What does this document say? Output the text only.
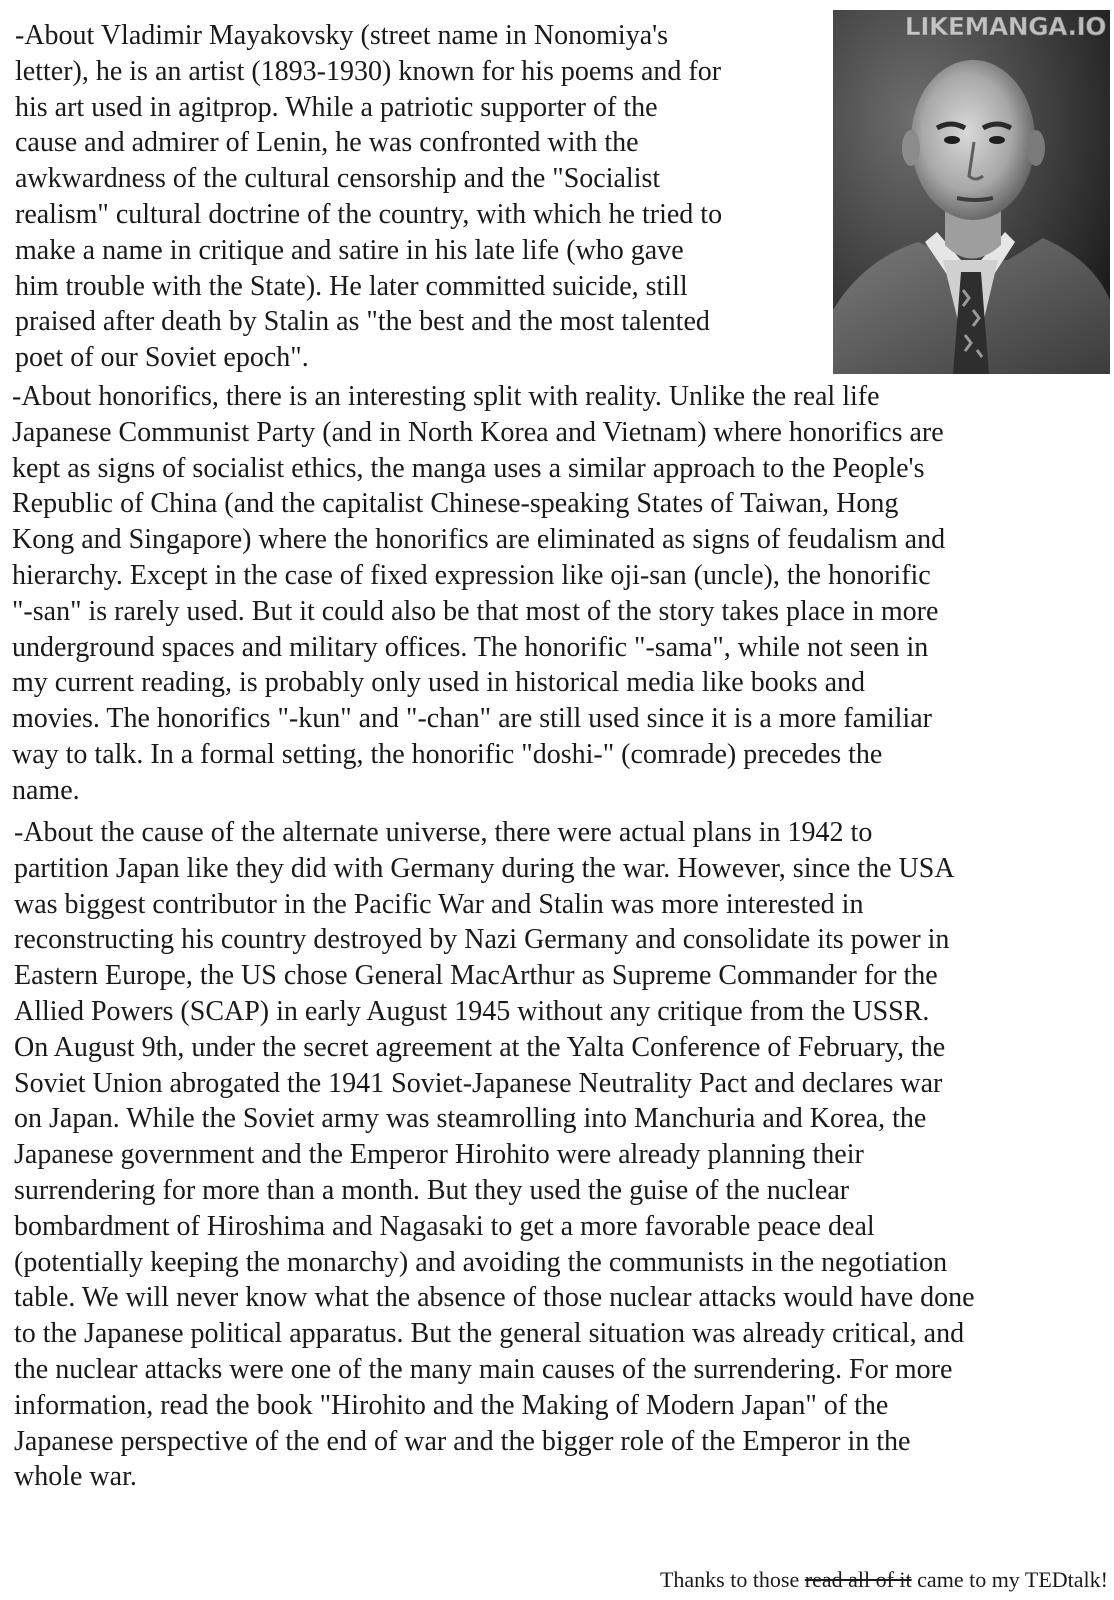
-About Vladimir Mayakovsky (street name in Nonomiya's
letter), he is an artist (1893-1930) known for his poems and for
his art used in agitprop. While a patriotic supporter of the
cause and admirer of Lenin, he was confronted with the
awkwardness of the cultural censorship and the "Socialist
realism" cultural doctrine of the country, with which he tried to
make a name in critique and satire in his late life (who gave
him trouble with the State). He later committed suicide, still
praised after death by Stalin as "the best and the most talented
poet of our Soviet epoch".
LIKEMANGA.IO
-About honorifics, there is an interesting split with reality. Unlike the real life
Japanese Communist Party (and in North Korea and Vietnam) where honorifics are
kept as signs of socialist ethics, the manga uses a similar approach to the People's
Republic of China (and the capitalist Chinese-speaking States of Taiwan, Hong
Kong and Singapore) where the honorifics are eliminated as signs of feudalism and
hierarchy. Except in the case of fixed expression like oji-san (uncle), the honorific
"-san" is rarely used. But it could also be that most of the story takes place in more
underground spaces and military offices. The honorific "-sama", while not seen in
my current reading, is probably only used in historical media like books and
movies. The honorifics "-kun" and "-chan" are still used since it is a more familiar
way to talk. In a formal setting, the honorific "doshi-" (comrade) precedes the
name.
-About the cause of the alternate universe, there were actual plans in 1942 to
partition Japan like they did with Germany during the war. However, since the USA
was biggest contributor in the Pacific War and Stalin was more interested in
reconstructing his country destroyed by Nazi Germany and consolidate its power in
Eastern Europe, the US chose General MacArthur as Supreme Commander for the
Allied Powers (SCAP) in early August 1945 without any critique from the USSR.
On August 9th, under the secret agreement at the Yalta Conference of February, the
Soviet Union abrogated the 1941 Soviet-Japanese Neutrality Pact and declares war
on Japan. While the Soviet army was steamrolling into Manchuria and Korea, the
Japanese government and the Emperor Hirohito were already planning their
surrendering for more than a month. But they used the guise of the nuclear
bombardment of Hiroshima and Nagasaki to get a more favorable peace deal
(potentially keeping the monarchy) and avoiding the communists in the negotiation
table. We will never know what the absence of those nuclear attacks would have done
to the Japanese political apparatus. But the general situation was already critical, and
the nuclear attacks were one of the many main causes of the surrendering. For more
information, read the book "Hirohito and the Making of Modern Japan" of the
Japanese perspective of the end of war and the bigger role of the Emperor in the
whole war.
Thanks to those read all of it came to my TEDtalk!
